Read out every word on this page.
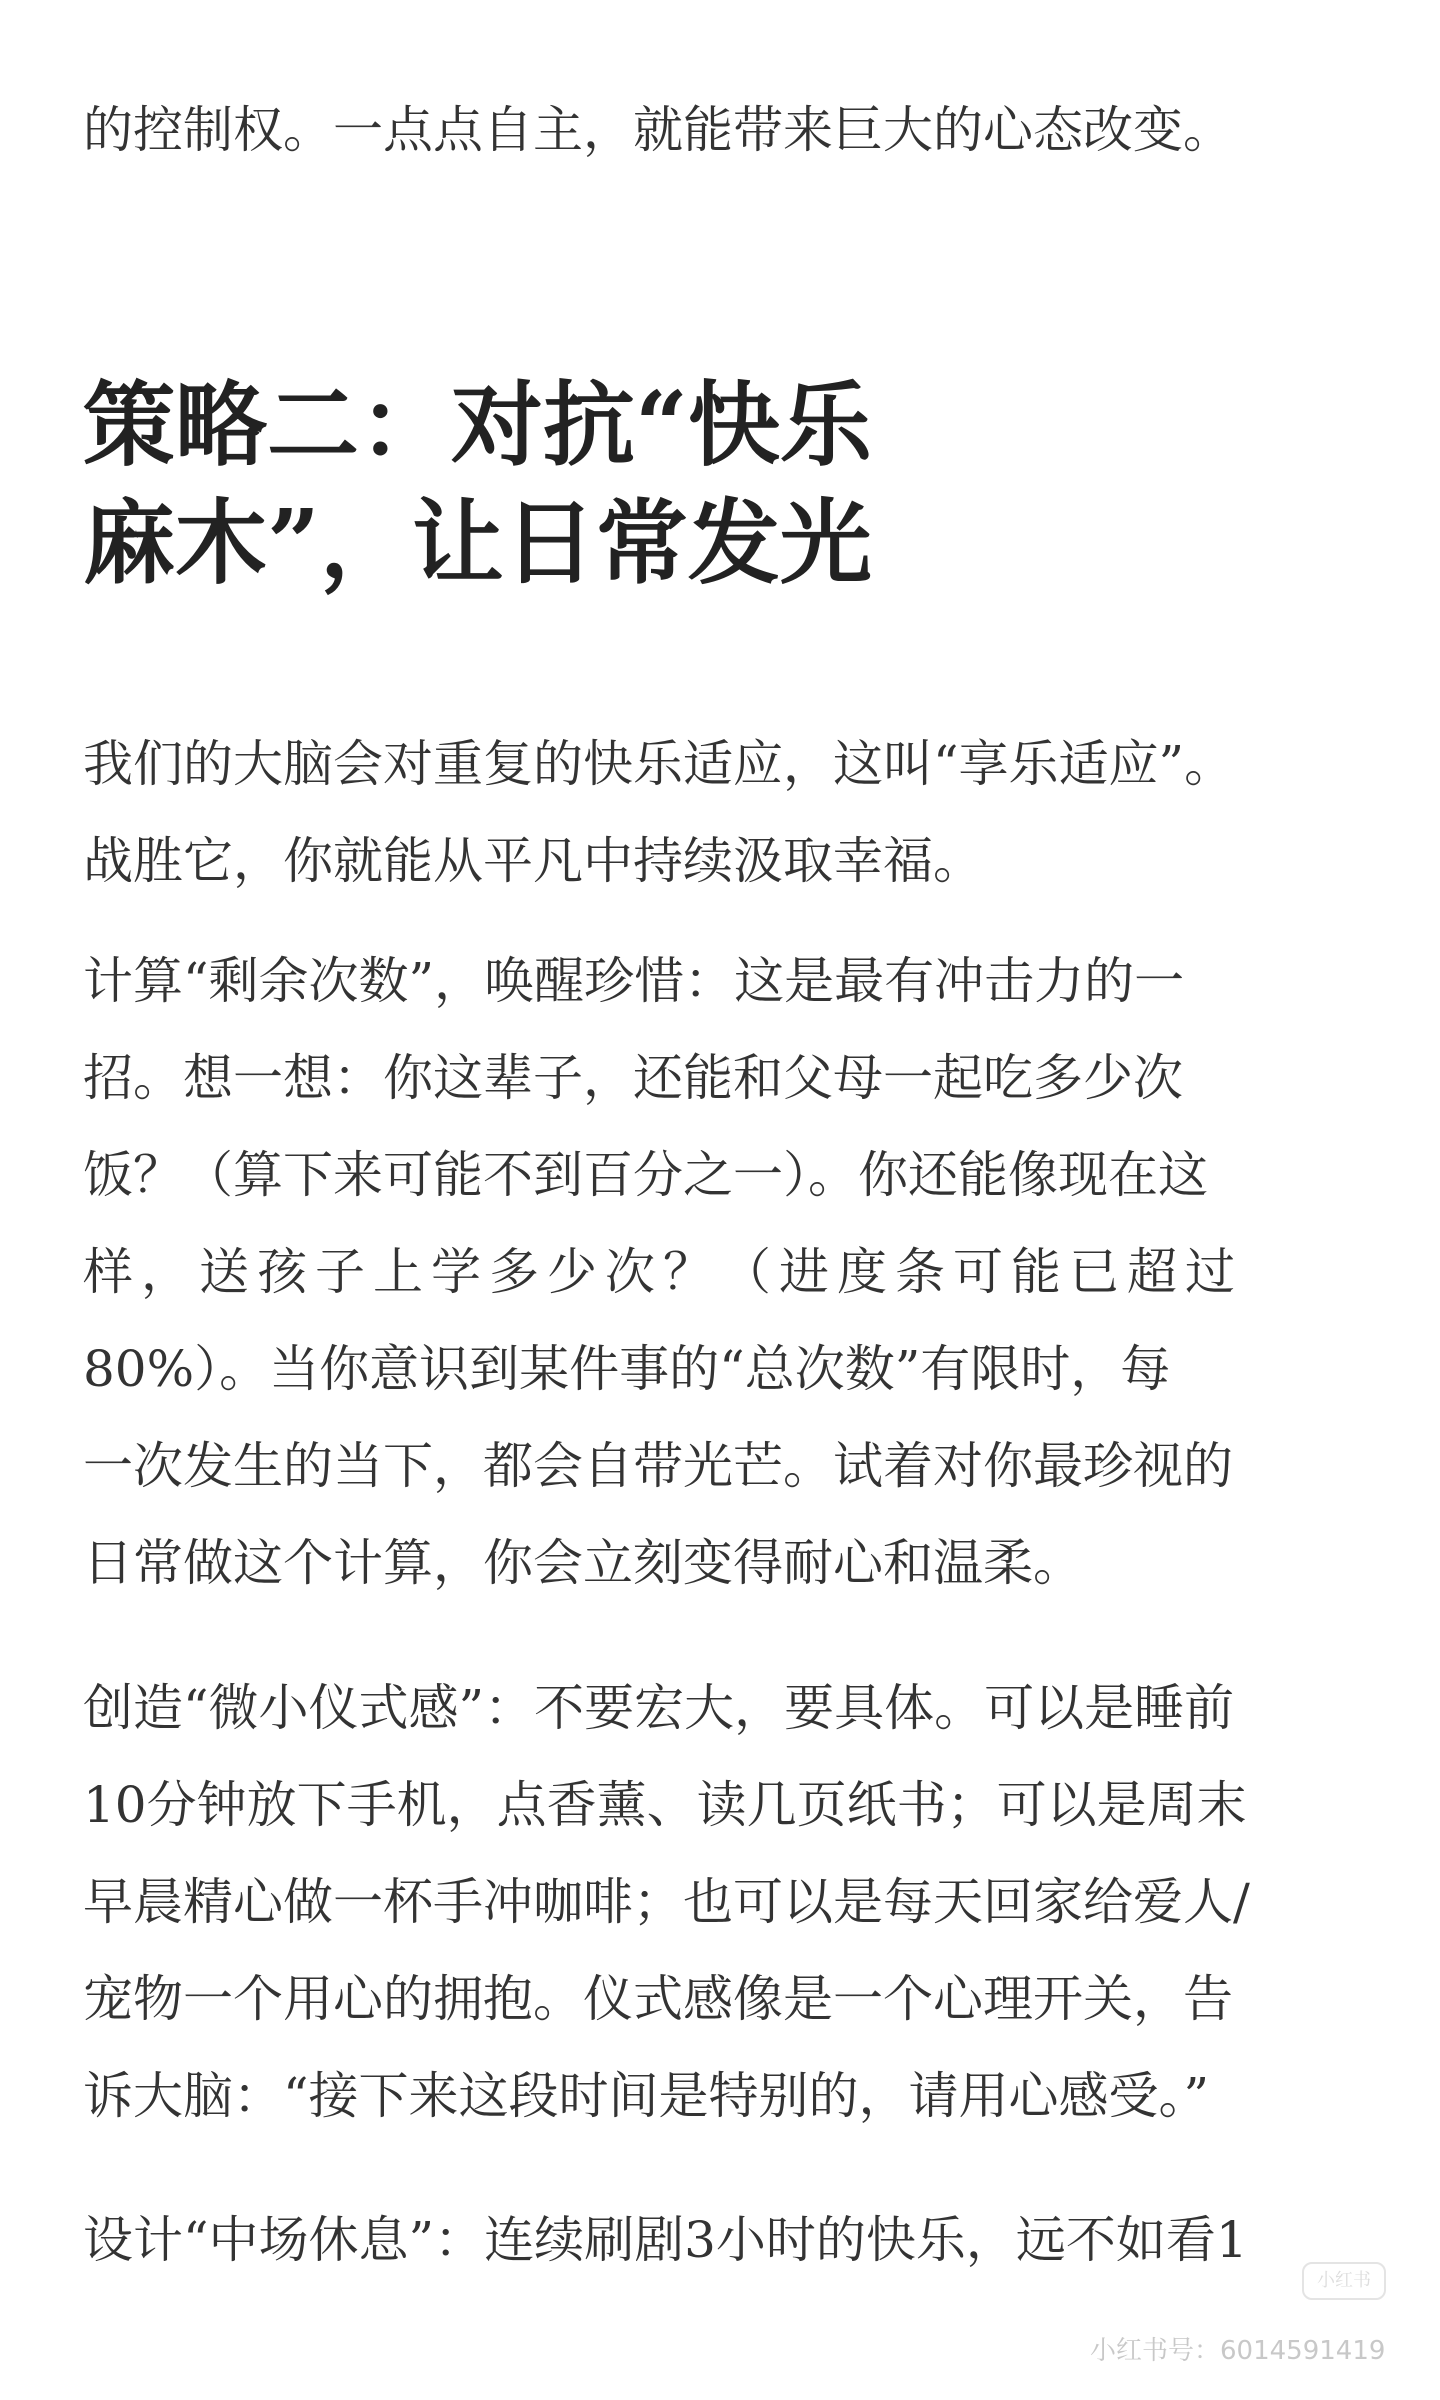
的控制权。一点点自主，就能带来巨大的心态改变。

策略二：对抗“快乐
麻木”，让日常发光

我们的大脑会对重复的快乐适应，这叫“享乐适应”。

战胜它，你就能从平凡中持续汲取幸福。

计算“剩余次数”，唤醒珍惜：这是最有冲击力的一

招。想一想：你这辈子，还能和父母一起吃多少次

饭？（算下来可能不到百分之一）。你还能像现在这

样，送孩子上学多少次？（进度条可能已超过

80%）。当你意识到某件事的“总次数”有限时，每

一次发生的当下，都会自带光芒。试着对你最珍视的

日常做这个计算，你会立刻变得耐心和温柔。

创造“微小仪式感”：不要宏大，要具体。可以是睡前

10分钟放下手机，点香薰、读几页纸书；可以是周末

早晨精心做一杯手冲咖啡；也可以是每天回家给爱人/

宠物一个用心的拥抱。仪式感像是一个心理开关，告

诉大脑：“接下来这段时间是特别的，请用心感受。”

设计“中场休息”：连续刷剧3小时的快乐，远不如看1

小红书
小红书号：6014591419
